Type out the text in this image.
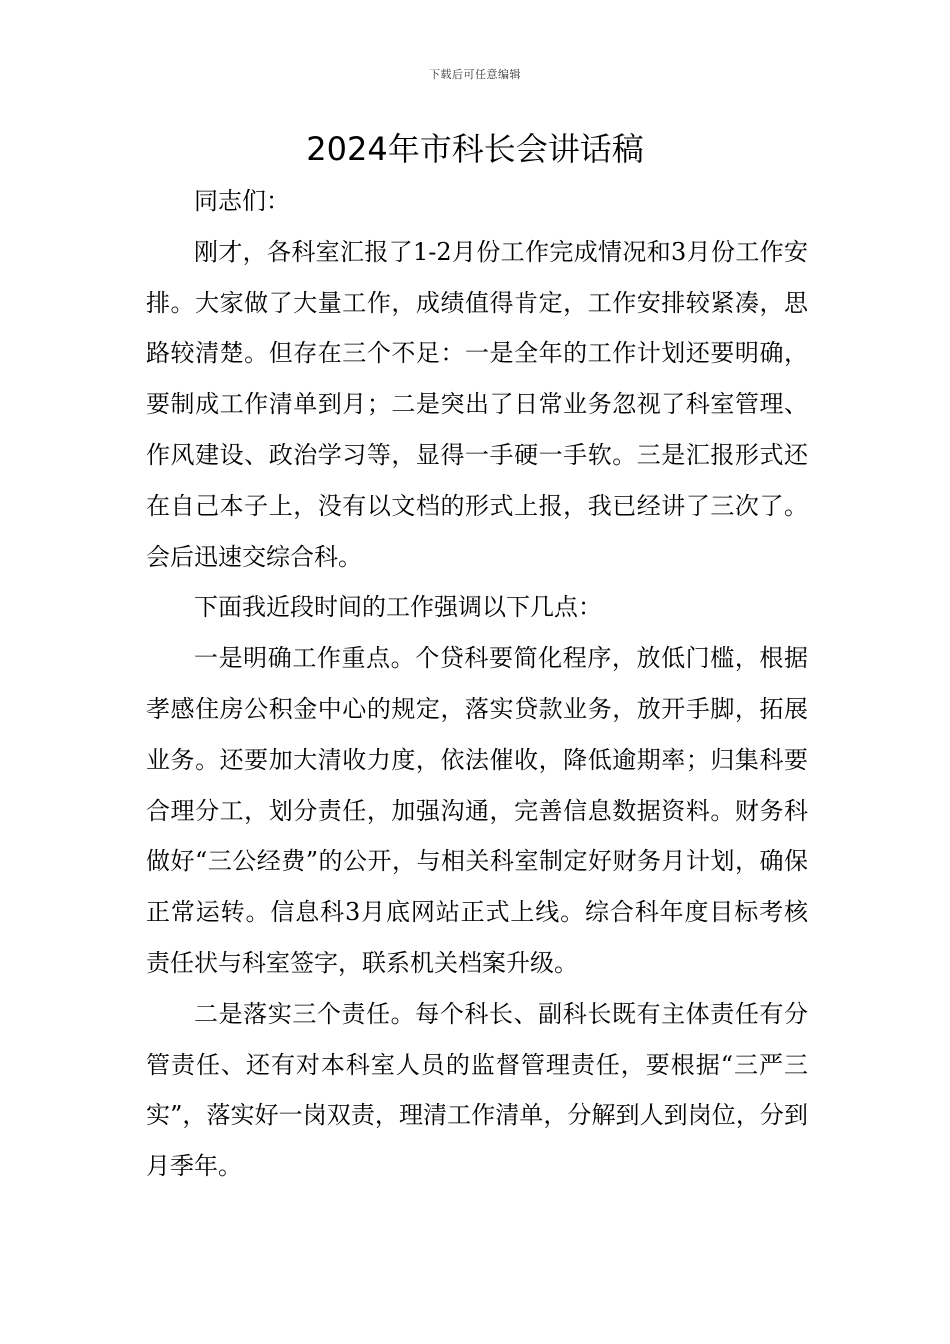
下载后可任意编辑
2024年市科长会讲话稿

同志们：

刚才，各科室汇报了1-2月份工作完成情况和3月份工作安排。大家做了大量工作，成绩值得肯定，工作安排较紧凑，思路较清楚。但存在三个不足：一是全年的工作计划还要明确，要制成工作清单到月；二是突出了日常业务忽视了科室管理、作风建设、政治学习等，显得一手硬一手软。三是汇报形式还在自己本子上，没有以文档的形式上报，我已经讲了三次了。会后迅速交综合科。

下面我近段时间的工作强调以下几点：

一是明确工作重点。个贷科要简化程序，放低门槛，根据孝感住房公积金中心的规定，落实贷款业务，放开手脚，拓展业务。还要加大清收力度，依法催收，降低逾期率；归集科要合理分工，划分责任，加强沟通，完善信息数据资料。财务科做好“三公经费”的公开，与相关科室制定好财务月计划，确保正常运转。信息科3月底网站正式上线。综合科年度目标考核责任状与科室签字，联系机关档案升级。

二是落实三个责任。每个科长、副科长既有主体责任有分管责任、还有对本科室人员的监督管理责任，要根据“三严三实”，落实好一岗双责，理清工作清单，分解到人到岗位，分到月季年。
